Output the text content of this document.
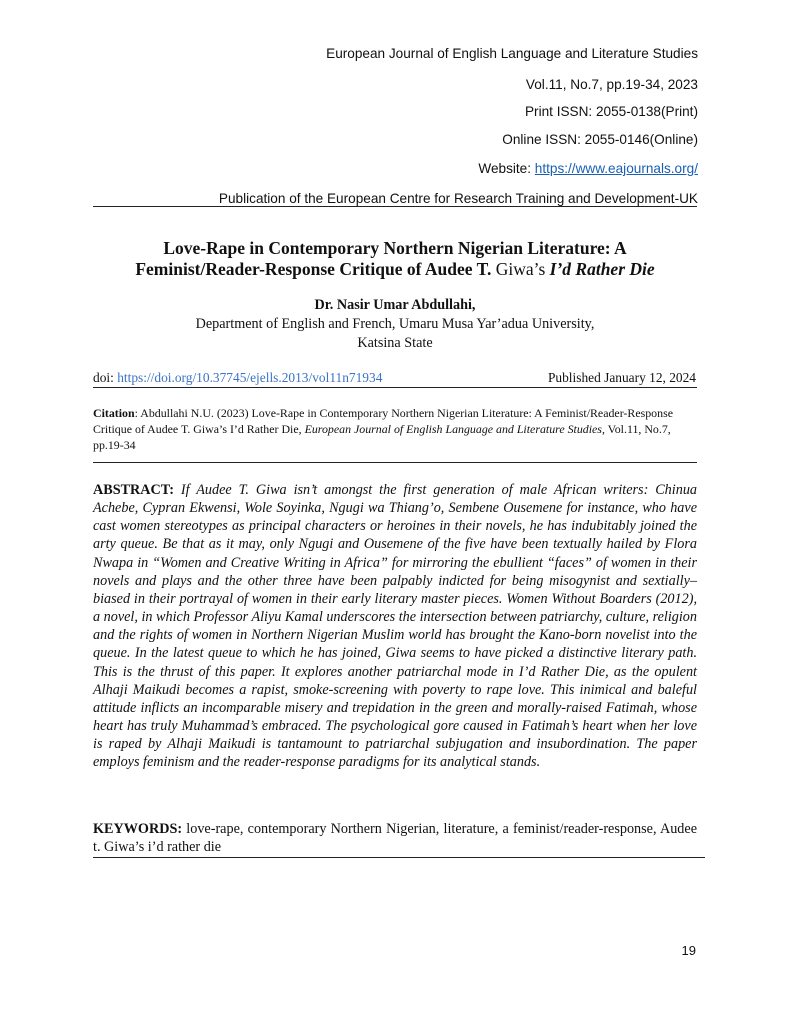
European Journal of English Language and Literature Studies
Vol.11, No.7, pp.19-34, 2023
Print ISSN: 2055-0138(Print)
Online ISSN: 2055-0146(Online)
Website: https://www.eajournals.org/
Publication of the European Centre for Research Training and Development-UK
Love-Rape in Contemporary Northern Nigerian Literature: A
Feminist/Reader-Response Critique of Audee T. Giwa’s I’d Rather Die
Dr. Nasir Umar Abdullahi,
Department of English and French, Umaru Musa Yar’adua University,
Katsina State
doi: https://doi.org/10.37745/ejells.2013/vol11n71934	Published January 12, 2024
Citation: Abdullahi N.U. (2023) Love-Rape in Contemporary Northern Nigerian Literature: A Feminist/Reader-Response Critique of Audee T. Giwa’s I’d Rather Die, European Journal of English Language and Literature Studies, Vol.11, No.7, pp.19-34
ABSTRACT: If Audee T. Giwa isn’t amongst the first generation of male African writers: Chinua Achebe, Cypran Ekwensi, Wole Soyinka, Ngugi wa Thiang’o, Sembene Ousemene for instance, who have cast women stereotypes as principal characters or heroines in their novels, he has indubitably joined the arty queue. Be that as it may, only Ngugi and Ousemene of the five have been textually hailed by Flora Nwapa in “Women and Creative Writing in Africa” for mirroring the ebullient “faces” of women in their novels and plays and the other three have been palpably indicted for being misogynist and sextially–biased in their portrayal of women in their early literary master pieces. Women Without Boarders (2012), a novel, in which Professor Aliyu Kamal underscores the intersection between patriarchy, culture, religion and the rights of women in Northern Nigerian Muslim world has brought the Kano-born novelist into the queue. In the latest queue to which he has joined, Giwa seems to have picked a distinctive literary path. This is the thrust of this paper. It explores another patriarchal mode in I’d Rather Die, as the opulent Alhaji Maikudi becomes a rapist, smoke-screening with poverty to rape love. This inimical and baleful attitude inflicts an incomparable misery and trepidation in the green and morally-raised Fatimah, whose heart has truly Muhammad’s embraced. The psychological gore caused in Fatimah’s heart when her love is raped by Alhaji Maikudi is tantamount to patriarchal subjugation and insubordination. The paper employs feminism and the reader-response paradigms for its analytical stands.
KEYWORDS: love-rape, contemporary Northern Nigerian, literature, a feminist/reader-response, Audee t. Giwa’s i’d rather die
19
